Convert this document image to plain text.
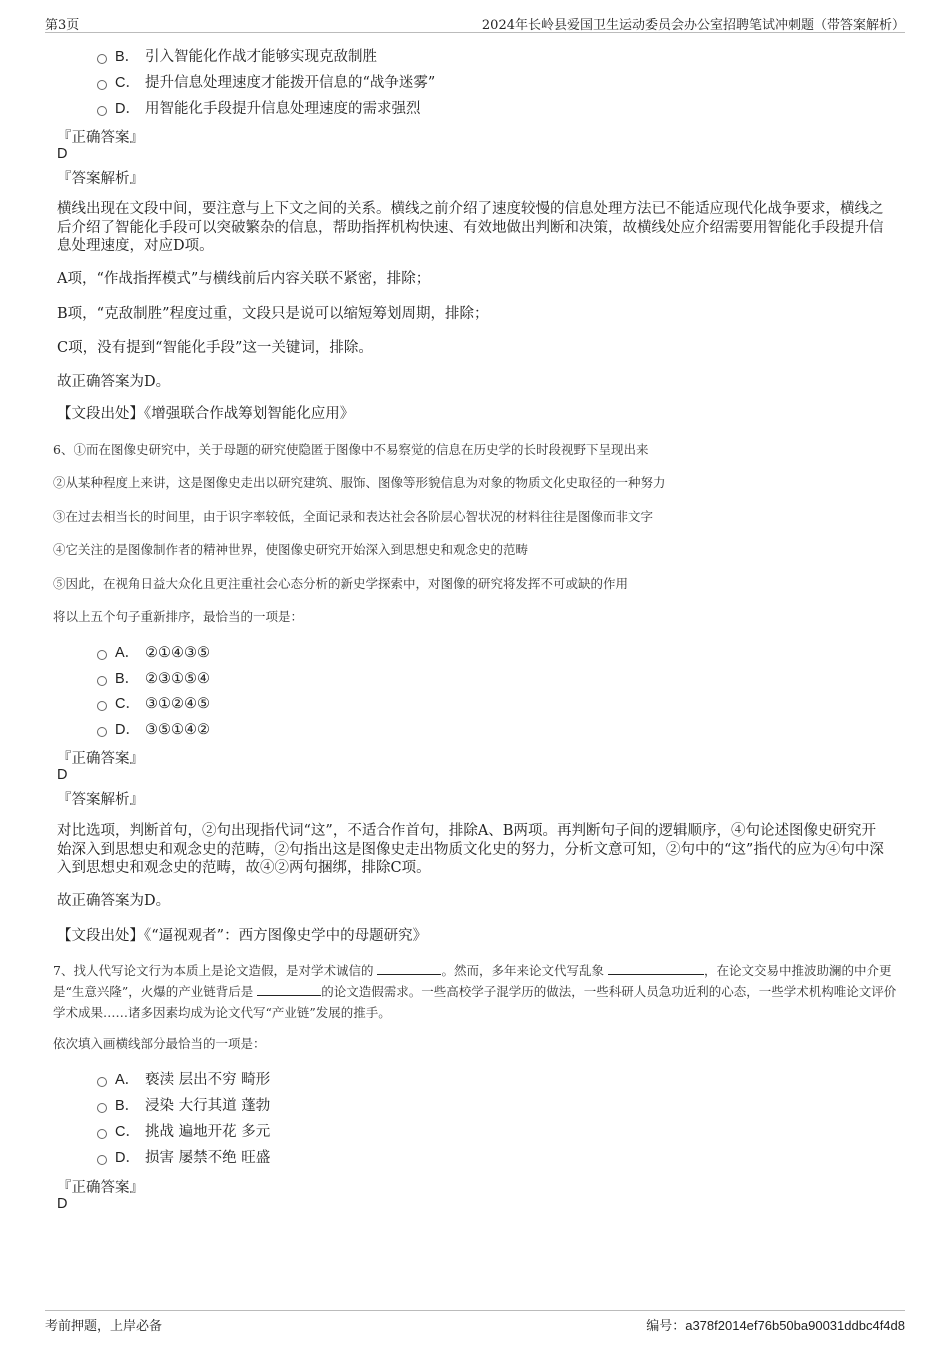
第3页	2024年长岭县爱国卫生运动委员会办公室招聘笔试冲刺题（带答案解析）
B． 引入智能化作战才能够实现克敌制胜
C． 提升信息处理速度才能拨开信息的“战争迷雾”
D． 用智能化手段提升信息处理速度的需求强烈
『正确答案』
D
『答案解析』
横线出现在文段中间，要注意与上下文之间的关系。横线之前介绍了速度较慢的信息处理方法已不能适应现代化战争要求，横线之后介绍了智能化手段可以突破繁杂的信息，帮助指挥机构快速、有效地做出判断和决策，故横线处应介绍需要用智能化手段提升信息处理速度，对应D项。
A项，“作战指挥模式”与横线前后内容关联不紧密，排除；
B项，“克敌制胜”程度过重，文段只是说可以缩短筹划周期，排除；
C项，没有提到“智能化手段”这一关键词，排除。
故正确答案为D。
【文段出处】《增强联合作战筹划智能化应用》
6、①而在图像史研究中，关于母题的研究使隐匿于图像中不易察觉的信息在历史学的长时段视野下呈现出来
②从某种程度上来讲，这是图像史走出以研究建筑、服饰、图像等形貌信息为对象的物质文化史取径的一种努力
③在过去相当长的时间里，由于识字率较低，全面记录和表达社会各阶层心智状况的材料往往是图像而非文字
④它关注的是图像制作者的精神世界，使图像史研究开始深入到思想史和观念史的范畴
⑤因此，在视角日益大众化且更注重社会心态分析的新史学探索中，对图像的研究将发挥不可或缺的作用
将以上五个句子重新排序，最恰当的一项是：
A． ②①④③⑤
B． ②③①⑤④
C． ③①②④⑤
D． ③⑤①④②
『正确答案』
D
『答案解析』
对比选项，判断首句，②句出现指代词“这”，不适合作首句，排除A、B两项。再判断句子间的逻辑顺序，④句论述图像史研究开始深入到思想史和观念史的范畴，②句指出这是图像史走出物质文化史的努力，分析文意可知，②句中的“这”指代的应为④句中深入到思想史和观念史的范畴，故④②两句捆绑，排除C项。
故正确答案为D。
【文段出处】《“逼视观者”：西方图像史学中的母题研究》
7、找人代写论文行为本质上是论文造假，是对学术诚信的	。然而，多年来论文代写乱象	，在论文交易中推波助澜的中介更是“生意兴隆”，火爆的产业链背后是	的论文造假需求。一些高校学子混学历的做法，一些科研人员急功近利的心态，一些学术机构唯论文评价学术成果……诸多因素均成为论文代写“产业链”发展的推手。
依次填入画横线部分最恰当的一项是：
A． 亵渎 层出不穷 畸形
B． 浸染 大行其道 蓬勃
C． 挑战 遍地开花 多元
D． 损害 屡禁不绝 旺盛
『正确答案』
D
考前押题，上岸必备	编号：a378f2014ef76b50ba90031ddbc4f4d8
